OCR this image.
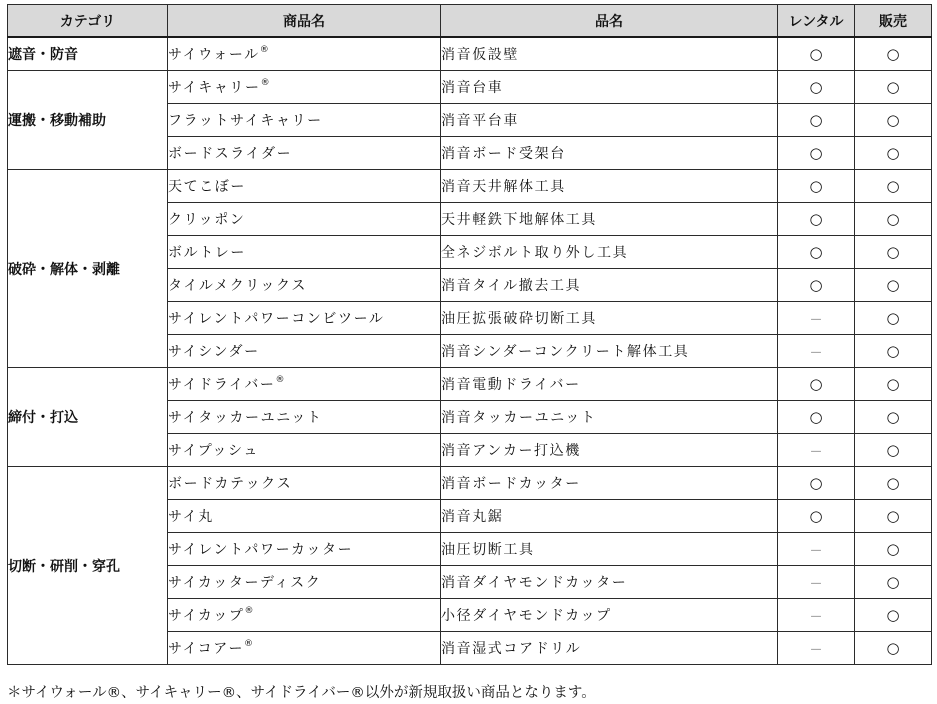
カテゴリ	商品名	品名	レンタル	販売
遮音・防音	サイウォール®	消音仮設壁	○	○
運搬・移動補助	サイキャリー®	消音台車	○	○
	フラットサイキャリー	消音平台車	○	○
	ボードスライダー	消音ボード受架台	○	○
破砕・解体・剥離	天てこぼー	消音天井解体工具	○	○
	クリッポン	天井軽鉄下地解体工具	○	○
	ボルトレー	全ネジボルト取り外し工具	○	○
	タイルメクリックス	消音タイル撤去工具	○	○
	サイレントパワーコンビツール	油圧拡張破砕切断工具	－	○
	サイシンダー	消音シンダーコンクリート解体工具	－	○
締付・打込	サイドライバー®	消音電動ドライバー	○	○
	サイタッカーユニット	消音タッカーユニット	○	○
	サイプッシュ	消音アンカー打込機	－	○
切断・研削・穿孔	ボードカテックス	消音ボードカッター	○	○
	サイ丸	消音丸鋸	○	○
	サイレントパワーカッター	油圧切断工具	－	○
	サイカッターディスク	消音ダイヤモンドカッター	－	○
	サイカップ®	小径ダイヤモンドカップ	－	○
	サイコアー®	消音湿式コアドリル	－	○
＊サイウォール®、サイキャリー®、サイドライバー®以外が新規取扱い商品となります。
